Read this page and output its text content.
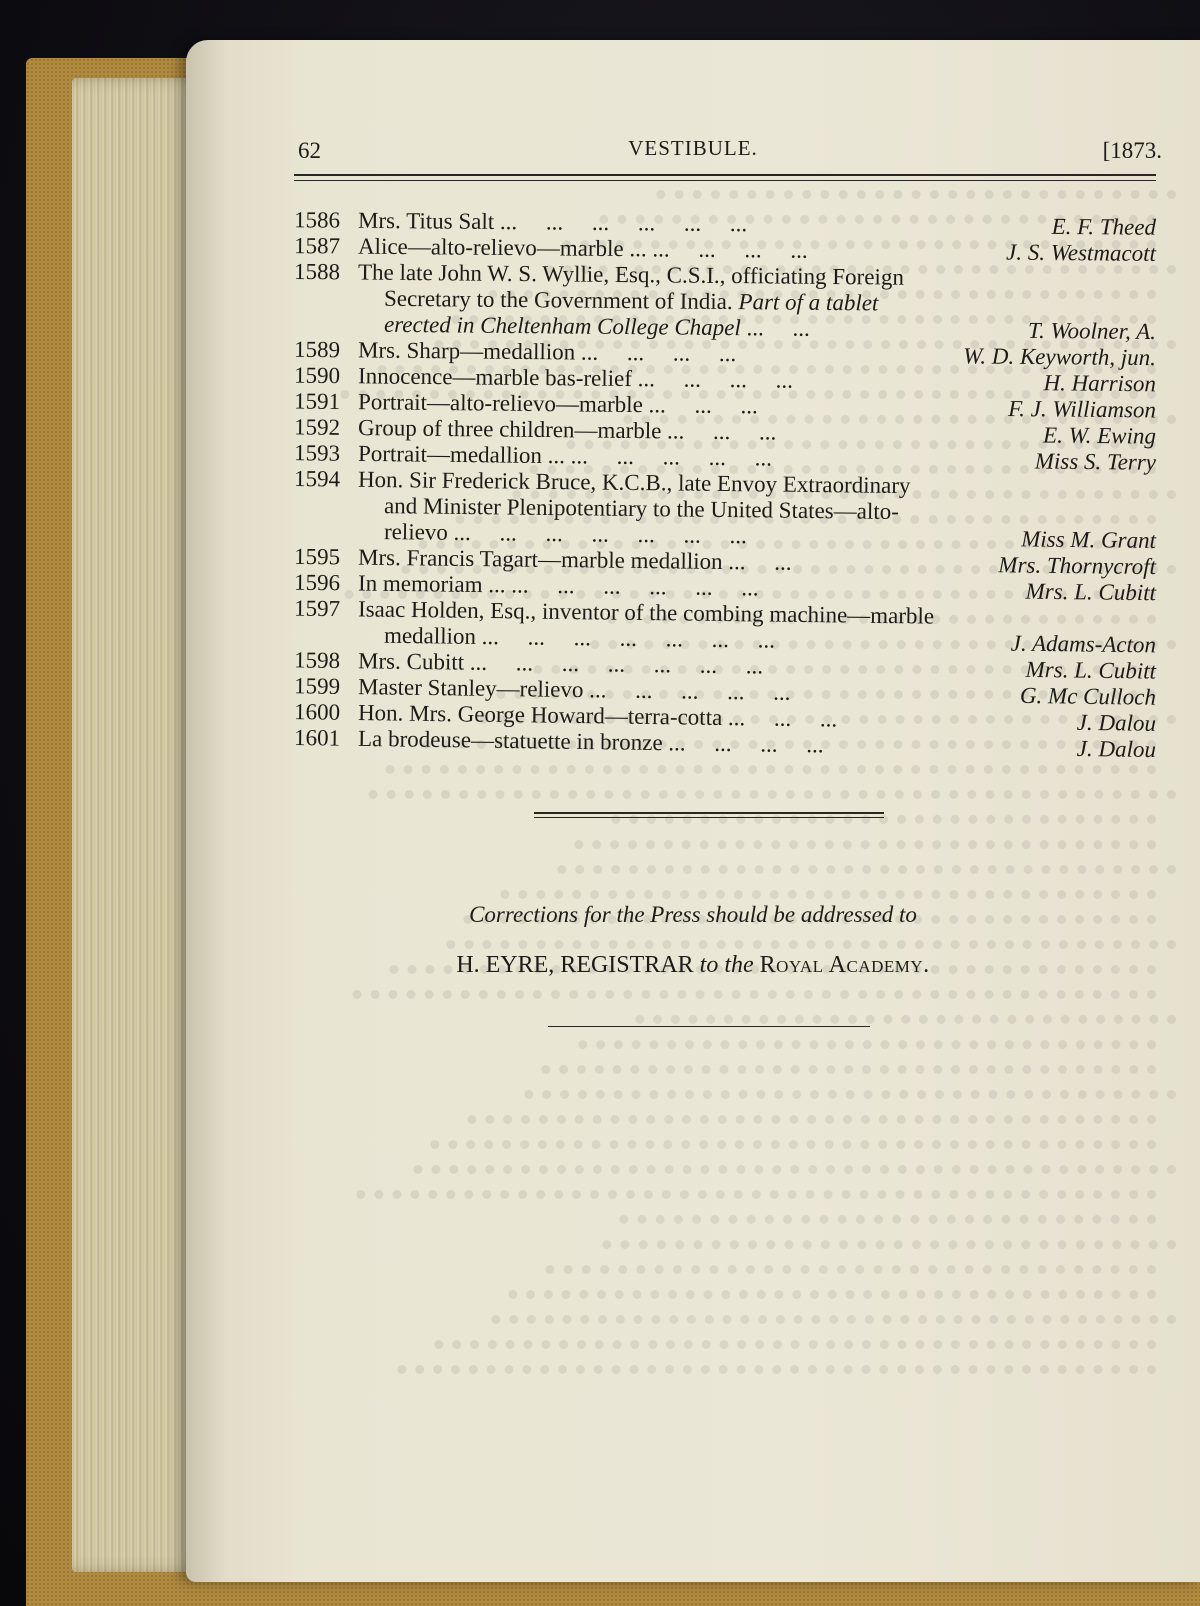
62	VESTIBULE.	[1873.
1586 Mrs. Titus Salt ...     ...     ...     ...     ...     ...	E. F. Theed
1587 Alice—alto-relievo—marble ... ...     ...     ...     ...	J. S. Westmacott
1588 The late John W. S. Wyllie, Esq., C.S.I., officiating Foreign
Secretary to the Government of India. Part of a tablet
erected in Cheltenham College Chapel ...     ...	T. Woolner, A.
1589 Mrs. Sharp—medallion ...     ...     ...     ...	W. D. Keyworth, jun.
1590 Innocence—marble bas-relief ...     ...     ...     ...	H. Harrison
1591 Portrait—alto-relievo—marble ...     ...     ...	F. J. Williamson
1592 Group of three children—marble ...     ...     ...	E. W. Ewing
1593 Portrait—medallion ... ...     ...     ...     ...     ...	Miss S. Terry
1594 Hon. Sir Frederick Bruce, K.C.B., late Envoy Extraordinary
and Minister Plenipotentiary to the United States—alto-
relievo ...     ...     ...     ...     ...     ...     ...	Miss M. Grant
1595 Mrs. Francis Tagart—marble medallion ...     ...	Mrs. Thornycroft
1596 In memoriam ... ...     ...     ...     ...     ...     ...	Mrs. L. Cubitt
1597 Isaac Holden, Esq., inventor of the combing machine—marble
medallion ...     ...     ...     ...     ...     ...     ...	J. Adams-Acton
1598 Mrs. Cubitt ...     ...     ...     ...     ...     ...     ...	Mrs. L. Cubitt
1599 Master Stanley—relievo ...     ...     ...     ...     ...	G. Mc Culloch
1600 Hon. Mrs. George Howard—terra-cotta ...     ...     ...	J. Dalou
1601 La brodeuse—statuette in bronze ...     ...     ...     ...	J. Dalou
Corrections for the Press should be addressed to
H. EYRE, REGISTRAR to the Royal Academy.
